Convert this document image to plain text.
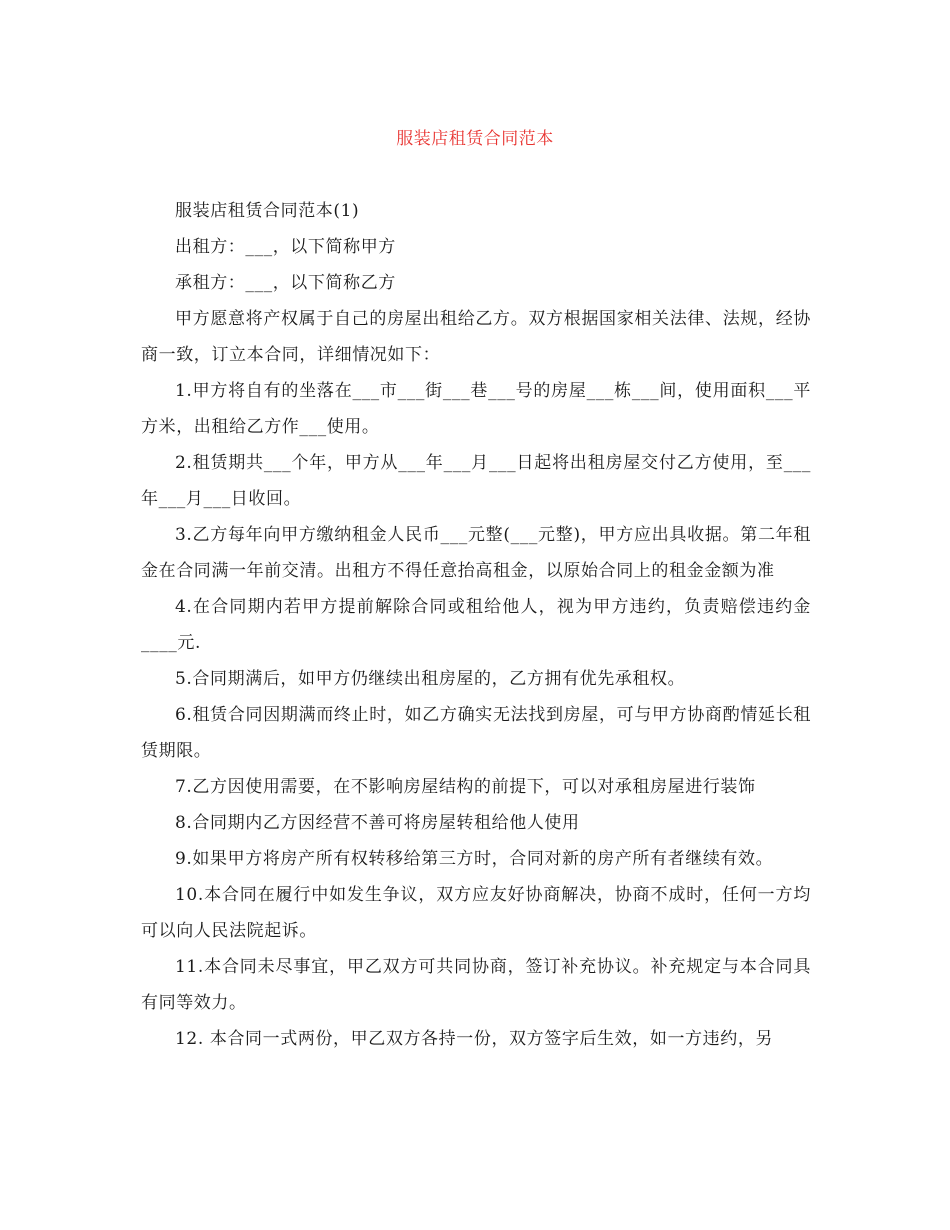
服装店租赁合同范本

服装店租赁合同范本(1)

出租方：___，以下简称甲方

承租方：___，以下简称乙方

甲方愿意将产权属于自己的房屋出租给乙方。双方根据国家相关法律、法规，经协商一致，订立本合同，详细情况如下：

1.甲方将自有的坐落在___市___街___巷___号的房屋___栋___间，使用面积___平方米，出租给乙方作___使用。

2.租赁期共___个年，甲方从___年___月___日起将出租房屋交付乙方使用，至___年___月___日收回。

3.乙方每年向甲方缴纳租金人民币___元整(___元整)，甲方应出具收据。第二年租金在合同满一年前交清。出租方不得任意抬高租金，以原始合同上的租金金额为准

4.在合同期内若甲方提前解除合同或租给他人，视为甲方违约，负责赔偿违约金____元.

5.合同期满后，如甲方仍继续出租房屋的，乙方拥有优先承租权。

6.租赁合同因期满而终止时，如乙方确实无法找到房屋，可与甲方协商酌情延长租赁期限。

7.乙方因使用需要，在不影响房屋结构的前提下，可以对承租房屋进行装饰

8.合同期内乙方因经营不善可将房屋转租给他人使用

9.如果甲方将房产所有权转移给第三方时，合同对新的房产所有者继续有效。

10.本合同在履行中如发生争议，双方应友好协商解决，协商不成时，任何一方均可以向人民法院起诉。

11.本合同未尽事宜，甲乙双方可共同协商，签订补充协议。补充规定与本合同具有同等效力。

12. 本合同一式两份，甲乙双方各持一份，双方签字后生效，如一方违约，另
